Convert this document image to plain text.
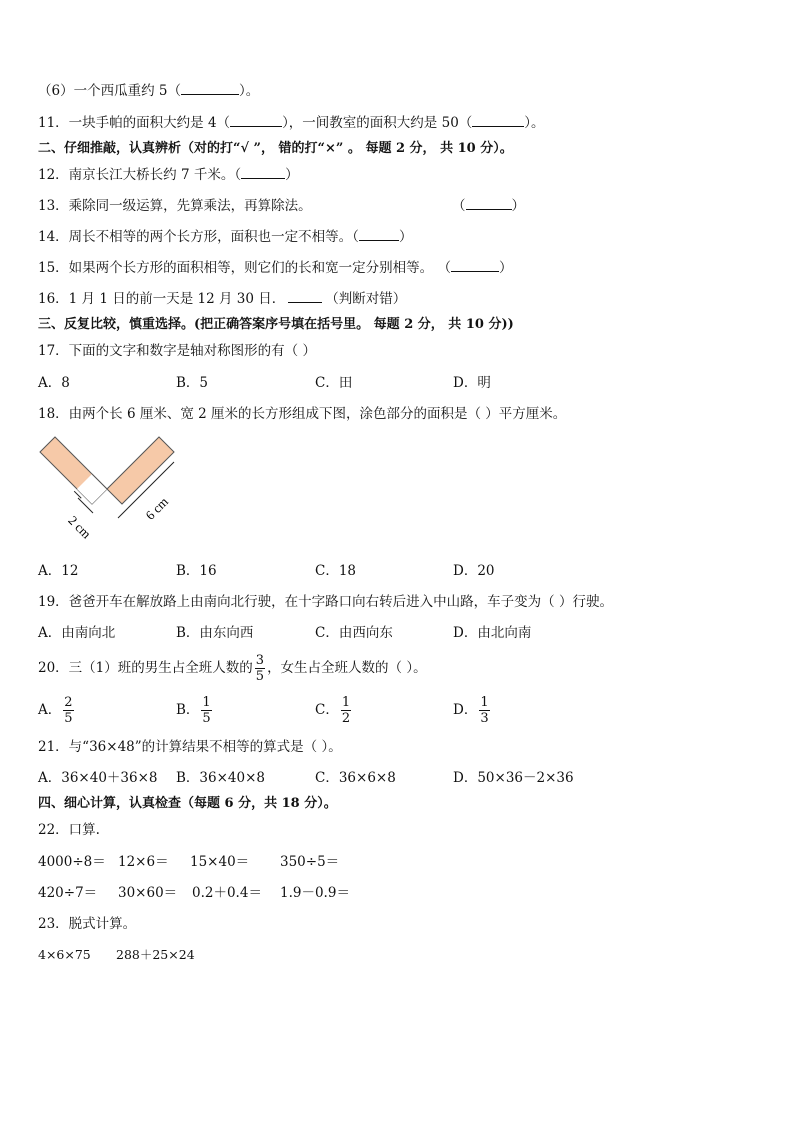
（6）一个西瓜重约 5（	）。
11．一块手帕的面积大约是 4（	），一间教室的面积大约是 50（	）。
二、仔细推敲，认真辨析（对的打“√ ”， 错的打“×” 。 每题 2 分， 共 10 分）。
12．南京长江大桥长约 7 千米。（	）
13．乘除同一级运算，先算乘法，再算除法。	（	）
14．周长不相等的两个长方形，面积也一定不相等。（	）
15．如果两个长方形的面积相等，则它们的长和宽一定分别相等。 （	）
16．1 月 1 日的前一天是 12 月 30 日．	（判断对错）
三、反复比较，慎重选择。(把正确答案序号填在括号里。 每题 2 分， 共 10 分))
17．下面的文字和数字是轴对称图形的有（ ）
A．8	B．5	C．田	D．明
18．由两个长 6 厘米、宽 2 厘米的长方形组成下图，涂色部分的面积是（ ）平方厘米。
2 cm
6 cm
A．12	B．16	C．18	D．20
19．爸爸开车在解放路上由南向北行驶，在十字路口向右转后进入中山路，车子变为（ ）行驶。
A．由南向北	B．由东向西	C．由西向东	D．由北向南
20．三（1）班的男生占全班人数的 $\frac{3}{5}$ ，女生占全班人数的（ ）。
A． $\frac{2}{5}$	B． $\frac{1}{5}$	C． $\frac{1}{2}$	D． $\frac{1}{3}$
21．与“36×48”的计算结果不相等的算式是（ ）。
A．36×40＋36×8 B．36×40×8	C．36×6×8	D．50×36－2×36
四、细心计算，认真检查（每题 6 分，共 18 分）。
22．口算.
4000÷8＝ 12×6＝ 15×40＝ 350÷5＝
420÷7＝ 30×60＝ 0.2＋0.4＝ 1.9－0.9＝
23．脱式计算。
4×6×75 288＋25×24
